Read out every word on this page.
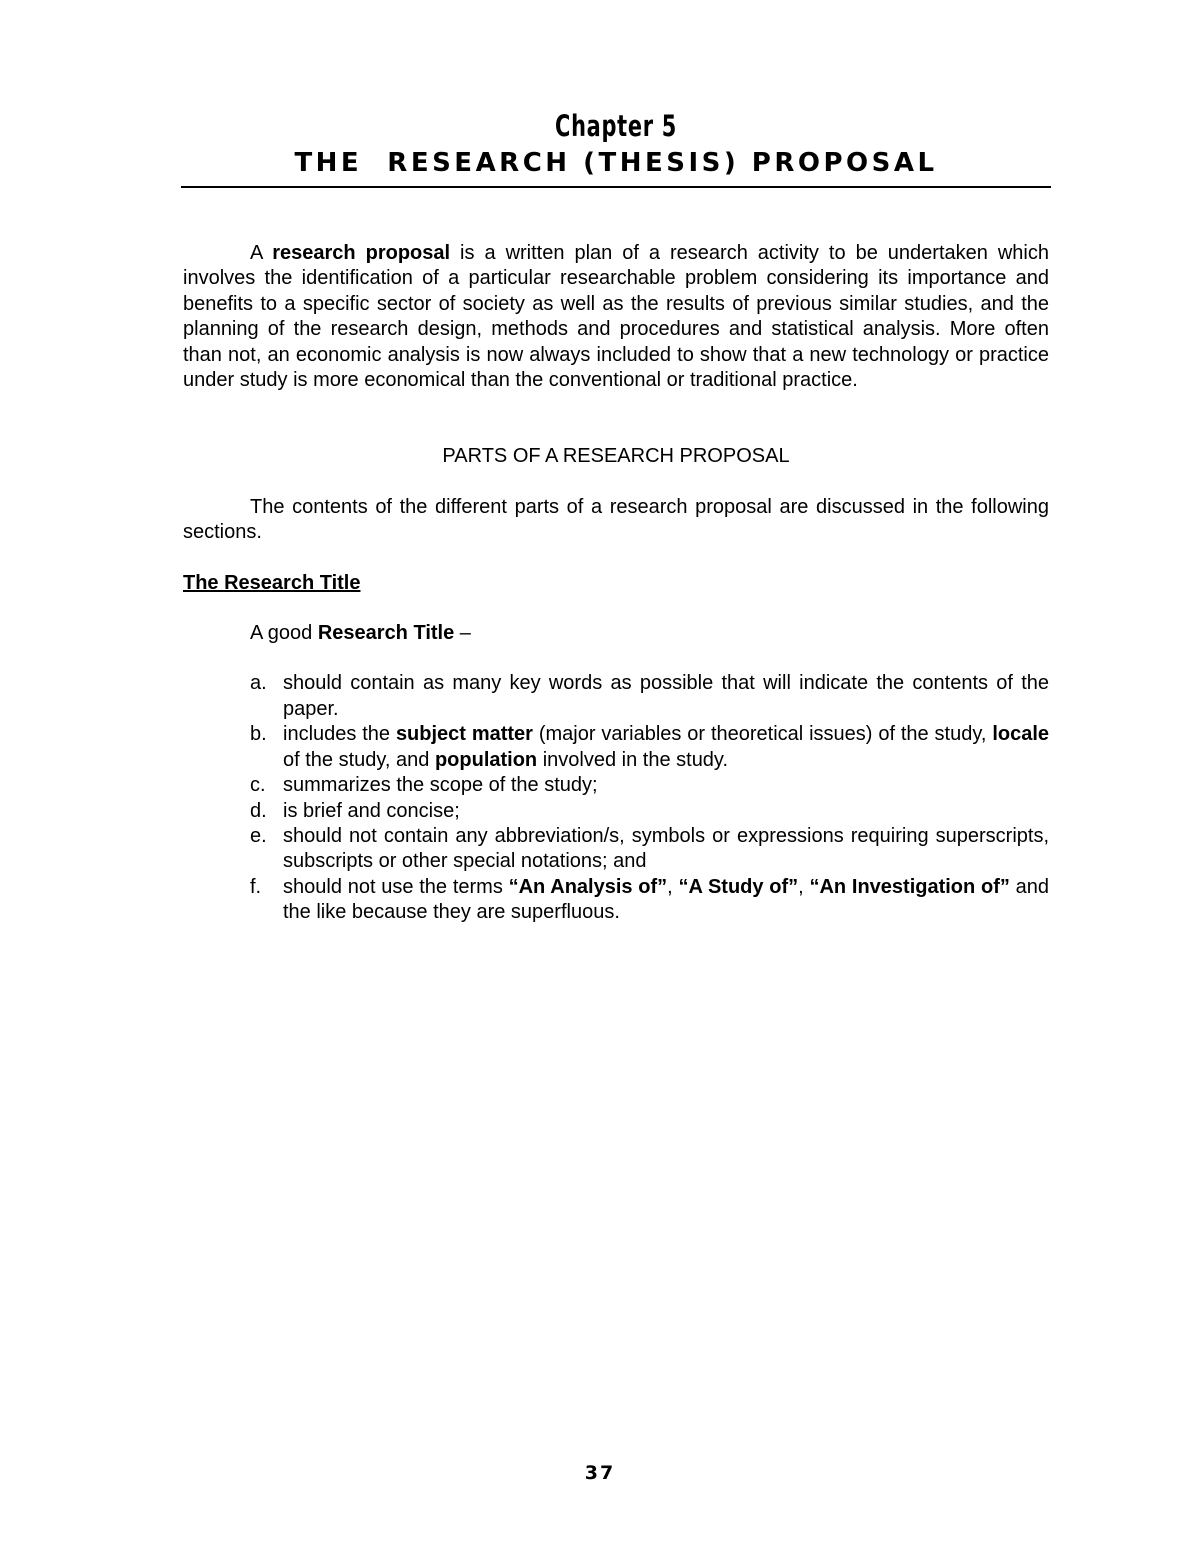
Chapter 5
THE  RESEARCH (THESIS) PROPOSAL

A research proposal is a written plan of a research activity to be undertaken which involves the identification of a particular researchable problem considering its importance and benefits to a specific sector of society as well as the results of previous similar studies, and the planning of the research design, methods and procedures and statistical analysis. More often than not, an economic analysis is now always included to show that a new technology or practice under study is more economical than the conventional or traditional practice.

PARTS OF A RESEARCH PROPOSAL

The contents of the different parts of a research proposal are discussed in the following sections.

The Research Title

A good Research Title –

a. should contain as many key words as possible that will indicate the contents of the paper.
b. includes the subject matter (major variables or theoretical issues) of the study, locale of the study, and population involved in the study.
c. summarizes the scope of the study;
d. is brief and concise;
e. should not contain any abbreviation/s, symbols or expressions requiring superscripts, subscripts or other special notations; and
f. should not use the terms “An Analysis of”, “A Study of”, “An Investigation of” and the like because they are superfluous.
37
